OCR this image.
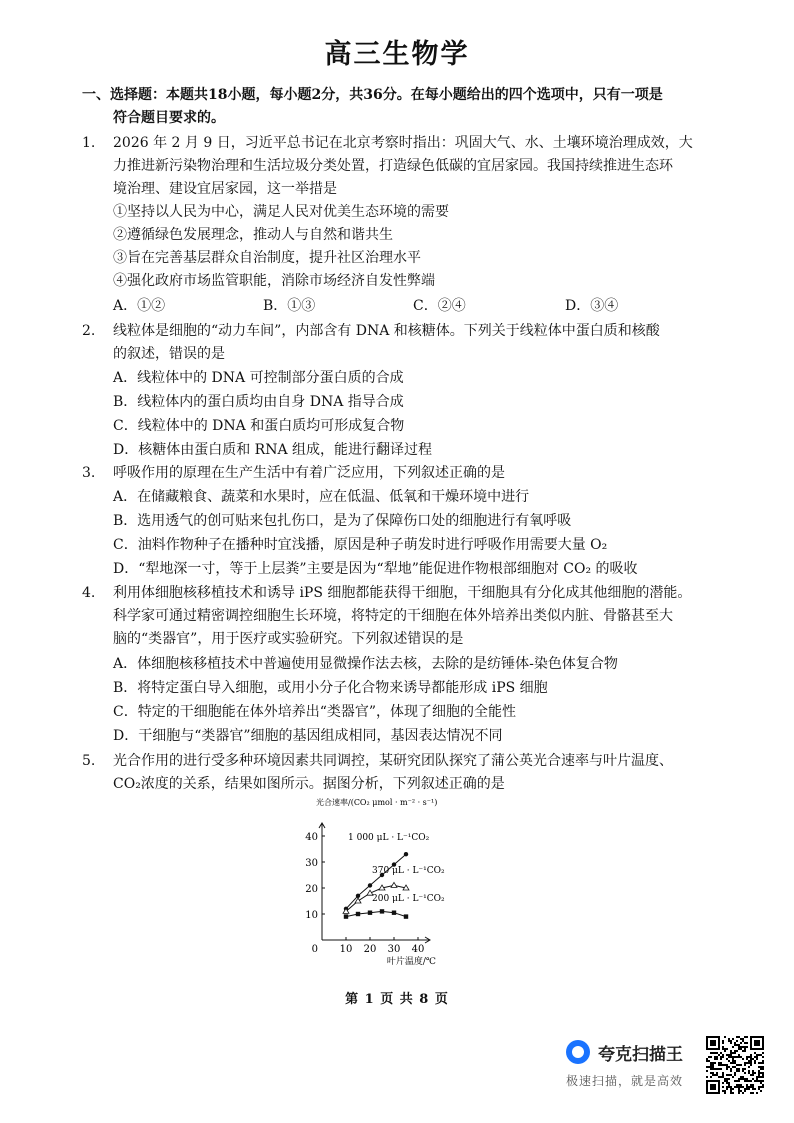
高三生物学
一、选择题：本题共18小题，每小题2分，共36分。在每小题给出的四个选项中，只有一项是
符合题目要求的。
1. 2026 年 2 月 9 日，习近平总书记在北京考察时指出：巩固大气、水、土壤环境治理成效，大
力推进新污染物治理和生活垃圾分类处置，打造绿色低碳的宜居家园。我国持续推进生态环
境治理、建设宜居家园，这一举措是
①坚持以人民为中心，满足人民对优美生态环境的需要
②遵循绿色发展理念，推动人与自然和谐共生
③旨在完善基层群众自治制度，提升社区治理水平
④强化政府市场监管职能，消除市场经济自发性弊端
A．①②	B．①③	C．②④	D．③④
2. 线粒体是细胞的“动力车间”，内部含有 DNA 和核糖体。下列关于线粒体中蛋白质和核酸
的叙述，错误的是
A．线粒体中的 DNA 可控制部分蛋白质的合成
B．线粒体内的蛋白质均由自身 DNA 指导合成
C．线粒体中的 DNA 和蛋白质均可形成复合物
D．核糖体由蛋白质和 RNA 组成，能进行翻译过程
3. 呼吸作用的原理在生产生活中有着广泛应用，下列叙述正确的是
A．在储藏粮食、蔬菜和水果时，应在低温、低氧和干燥环境中进行
B．选用透气的创可贴来包扎伤口，是为了保障伤口处的细胞进行有氧呼吸
C．油料作物种子在播种时宜浅播，原因是种子萌发时进行呼吸作用需要大量 O₂
D．“犁地深一寸，等于上层粪”主要是因为“犁地”能促进作物根部细胞对 CO₂ 的吸收
4. 利用体细胞核移植技术和诱导 iPS 细胞都能获得干细胞，干细胞具有分化成其他细胞的潜能。
科学家可通过精密调控细胞生长环境，将特定的干细胞在体外培养出类似内脏、骨骼甚至大
脑的“类器官”，用于医疗或实验研究。下列叙述错误的是
A．体细胞核移植技术中普遍使用显微操作法去核，去除的是纺锤体-染色体复合物
B．将特定蛋白导入细胞，或用小分子化合物来诱导都能形成 iPS 细胞
C．特定的干细胞能在体外培养出“类器官”，体现了细胞的全能性
D．干细胞与“类器官”细胞的基因组成相同，基因表达情况不同
5. 光合作用的进行受多种环境因素共同调控，某研究团队探究了蒲公英光合速率与叶片温度、
CO₂浓度的关系，结果如图所示。据图分析，下列叙述正确的是
10 20 30 40
10
20
30
40
0
光合速率/(CO₂ μmol · m⁻² · s⁻¹)
叶片温度/℃
1 000 μL · L⁻¹CO₂
370 μL · L⁻¹CO₂
200 μL · L⁻¹CO₂
第 1 页 共 8 页
夸克扫描王
极速扫描，就是高效
